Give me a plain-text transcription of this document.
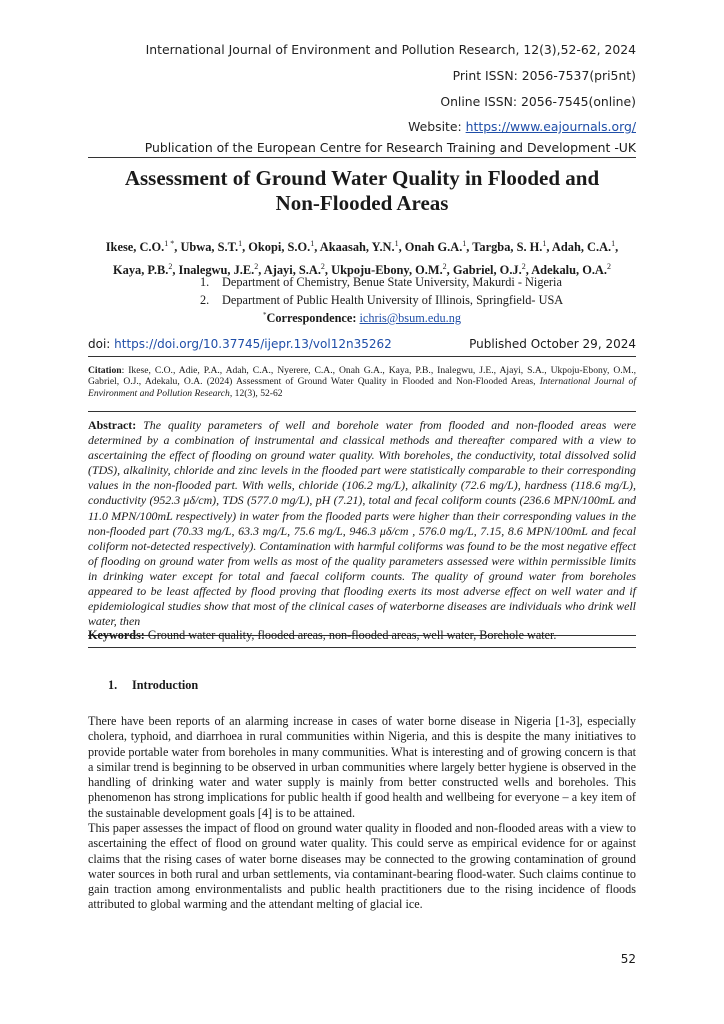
International Journal of Environment and Pollution Research, 12(3),52-62, 2024
Print ISSN: 2056-7537(pri5nt)
Online ISSN: 2056-7545(online)
Website: https://www.eajournals.org/
Publication of the European Centre for Research Training and Development -UK
Assessment of Ground Water Quality in Flooded and
Non-Flooded Areas
Ikese, C.O.$^{1 *}$, Ubwa, S.T.$^1$, Okopi, S.O.$^1$, Akaasah, Y.N.$^1$, Onah G.A.$^1$, Targba, S. H.$^1$, Adah, C.A.$^1$,
Kaya, P.B.$^2$, Inalegwu, J.E.$^2$, Ajayi, S.A.$^2$, Ukpoju-Ebony, O.M.$^2$, Gabriel, O.J.$^2$, Adekalu, O.A.$^2$
1. Department of Chemistry, Benue State University, Makurdi - Nigeria
2. Department of Public Health University of Illinois, Springfield- USA
*Correspondence: ichris@bsum.edu.ng
doi: https://doi.org/10.37745/ijepr.13/vol12n35262	Published October 29, 2024
Citation: Ikese, C.O., Adie, P.A., Adah, C.A., Nyerere, C.A., Onah G.A., Kaya, P.B., Inalegwu, J.E., Ajayi, S.A., Ukpoju-Ebony, O.M., Gabriel, O.J., Adekalu, O.A. (2024) Assessment of Ground Water Quality in Flooded and Non-Flooded Areas, International Journal of Environment and Pollution Research, 12(3), 52-62

Abstract: The quality parameters of well and borehole water from flooded and non-flooded areas were determined by a combination of instrumental and classical methods and thereafter compared with a view to ascertaining the effect of flooding on ground water quality. With boreholes, the conductivity, total dissolved solid (TDS), alkalinity, chloride and zinc levels in the flooded part were statistically comparable to their corresponding values in the non-flooded part. With wells, chloride (106.2 mg/L), alkalinity (72.6 mg/L), hardness (118.6 mg/L), conductivity (952.3 μδ/cm), TDS (577.0 mg/L), pH (7.21), total and fecal coliform counts (236.6 MPN/100mL and 11.0 MPN/100mL respectively) in water from the flooded parts were higher than their corresponding values in the non-flooded part (70.33 mg/L, 63.3 mg/L, 75.6 mg/L, 946.3 μδ/cm , 576.0 mg/L, 7.15, 8.6 MPN/100mL and fecal coliform not-detected respectively). Contamination with harmful coliforms was found to be the most negative effect of flooding on ground water from wells as most of the quality parameters assessed were within permissible limits in drinking water except for total and faecal coliform counts. The quality of ground water from boreholes appeared to be least affected by flood proving that flooding exerts its most adverse effect on well water and if epidemiological studies show that most of the clinical cases of waterborne diseases are individuals who drink well water, then

Keywords: Ground water quality, flooded areas, non-flooded areas, well water, Borehole water.
1. Introduction

There have been reports of an alarming increase in cases of water borne disease in Nigeria [1-3], especially cholera, typhoid, and diarrhoea in rural communities within Nigeria, and this is despite the many initiatives to provide portable water from boreholes in many communities. What is interesting and of growing concern is that a similar trend is beginning to be observed in urban communities where largely better hygiene is observed in the handling of drinking water and water supply is mainly from better constructed wells and boreholes. This phenomenon has strong implications for public health if good health and wellbeing for everyone – a key item of the sustainable development goals [4] is to be attained.

This paper assesses the impact of flood on ground water quality in flooded and non-flooded areas with a view to ascertaining the effect of flood on ground water quality. This could serve as empirical evidence for or against claims that the rising cases of water borne diseases may be connected to the growing contamination of ground water sources in both rural and urban settlements, via contaminant-bearing flood-water. Such claims continue to gain traction among environmentalists and public health practitioners due to the rising incidence of floods attributed to global warming and the attendant melting of glacial ice.

52
